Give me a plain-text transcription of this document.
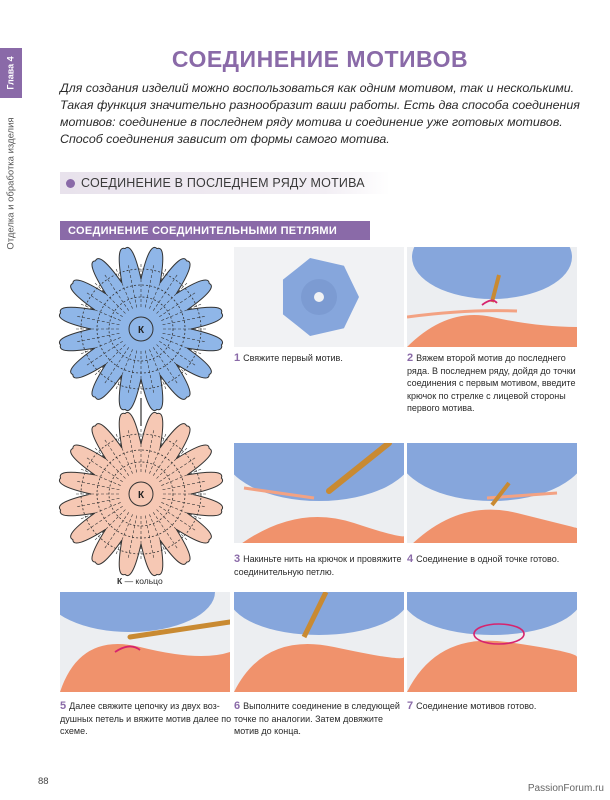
Глава 4
Отделка и обработка изделия
СОЕДИНЕНИЕ МОТИВОВ
Для создания изделий можно воспользоваться как одним мотивом, так и несколькими. Такая функция значительно разнообразит ваши работы. Есть два способа соединения мотивов: соединение в последнем ряду мотива и соединение уже готовых мотивов. Способ соединения зависит от формы самого мотива.
СОЕДИНЕНИЕ В ПОСЛЕДНЕМ РЯДУ МОТИВА
СОЕДИНЕНИЕ СОЕДИНИТЕЛЬНЫМИ ПЕТЛЯМИ
К
К
К — кольцо
1 Свяжите первый мотив.	2 Вяжем второй мотив до последнего ряда. В последнем ряду, дойдя до точки соединения с первым мотивом, введите крючок по стрелке с лицевой стороны первого мотива.
3 Накиньте нить на крючок и провяжите соединительную петлю.
4 Соединение в одной точке готово.
5 Далее свяжите цепочку из двух воздушных петель и вяжите мотив далее по схеме.
6 Выполните соединение в следующей точке по аналогии. Затем довяжите мотив до конца.
7 Соединение мотивов готово.
88
PassionForum.ru
